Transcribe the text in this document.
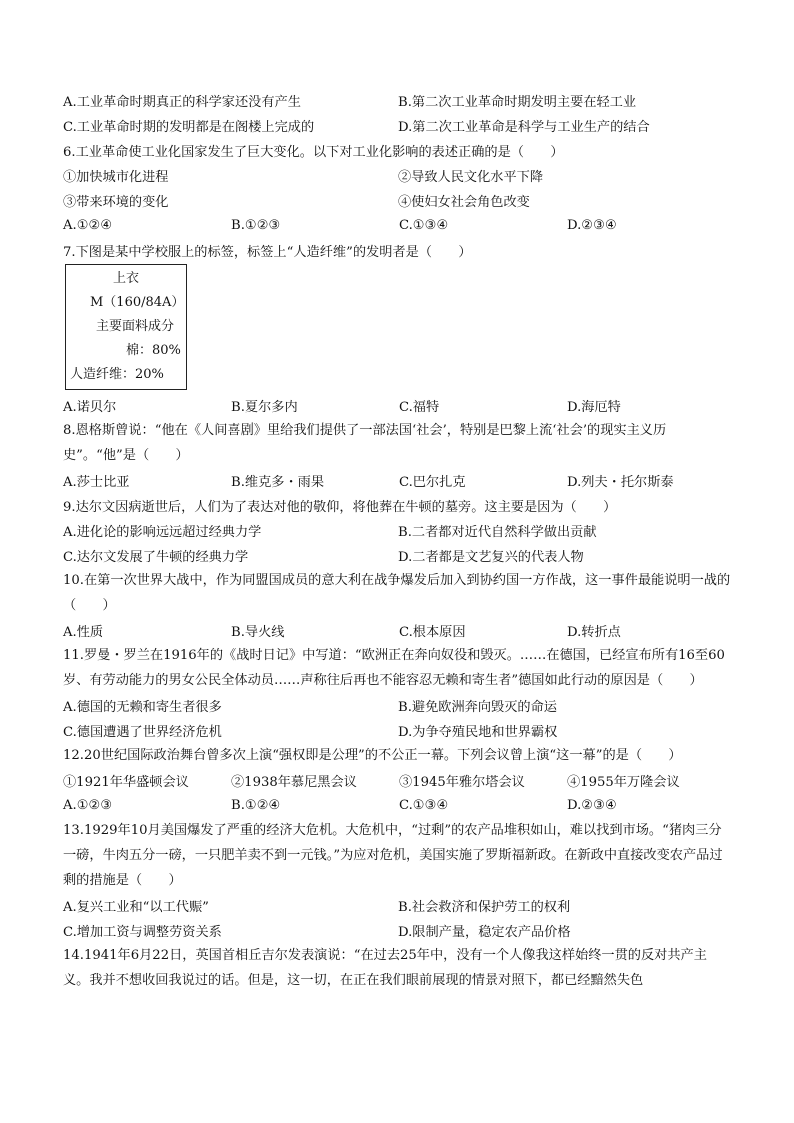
A.工业革命时期真正的科学家还没有产生	B.第二次工业革命时期发明主要在轻工业
C.工业革命时期的发明都是在阁楼上完成的	D.第二次工业革命是科学与工业生产的结合
6.工业革命使工业化国家发生了巨大变化。以下对工业化影响的表述正确的是（　　）
①加快城市化进程	②导致人民文化水平下降
③带来环境的变化	④使妇女社会角色改变
A.①②④	B.①②③	C.①③④	D.②③④
7.下图是某中学校服上的标签，标签上“人造纤维”的发明者是（　　）
上衣
M（160/84A）
主要面料成分
棉：80%
人造纤维：20%
A.诺贝尔	B.夏尔多内	C.福特	D.海厄特
8.恩格斯曾说：“他在《人间喜剧》里给我们提供了一部法国‘社会’，特别是巴黎上流‘社会’的现实主义历史”。“他”是（　　）
A.莎士比亚	B.维克多・雨果	C.巴尔扎克	D.列夫・托尔斯泰
9.达尔文因病逝世后，人们为了表达对他的敬仰，将他葬在牛顿的墓旁。这主要是因为（　　）
A.进化论的影响远远超过经典力学	B.二者都对近代自然科学做出贡献
C.达尔文发展了牛顿的经典力学	D.二者都是文艺复兴的代表人物
10.在第一次世界大战中，作为同盟国成员的意大利在战争爆发后加入到协约国一方作战，这一事件最能说明一战的（　　）
A.性质	B.导火线	C.根本原因	D.转折点
11.罗曼・罗兰在1916年的《战时日记》中写道：“欧洲正在奔向奴役和毁灭。……在德国，已经宣布所有16至60岁、有劳动能力的男女公民全体动员……声称往后再也不能容忍无赖和寄生者”德国如此行动的原因是（　　）
A.德国的无赖和寄生者很多	B.避免欧洲奔向毁灭的命运
C.德国遭遇了世界经济危机	D.为争夺殖民地和世界霸权
12.20世纪国际政治舞台曾多次上演“强权即是公理”的不公正一幕。下列会议曾上演“这一幕”的是（　　）
①1921年华盛顿会议	②1938年慕尼黑会议	③1945年雅尔塔会议	④1955年万隆会议
A.①②③	B.①②④	C.①③④	D.②③④
13.1929年10月美国爆发了严重的经济大危机。大危机中，“过剩”的农产品堆积如山，难以找到市场。“猪肉三分一磅，牛肉五分一磅，一只肥羊卖不到一元钱。”为应对危机，美国实施了罗斯福新政。在新政中直接改变农产品过剩的措施是（　　）
A.复兴工业和“以工代赈”	B.社会救济和保护劳工的权利
C.增加工资与调整劳资关系	D.限制产量，稳定农产品价格
14.1941年6月22日，英国首相丘吉尔发表演说：“在过去25年中，没有一个人像我这样始终一贯的反对共产主义。我并不想收回我说过的话。但是，这一切，在正在我们眼前展现的情景对照下，都已经黯然失色
